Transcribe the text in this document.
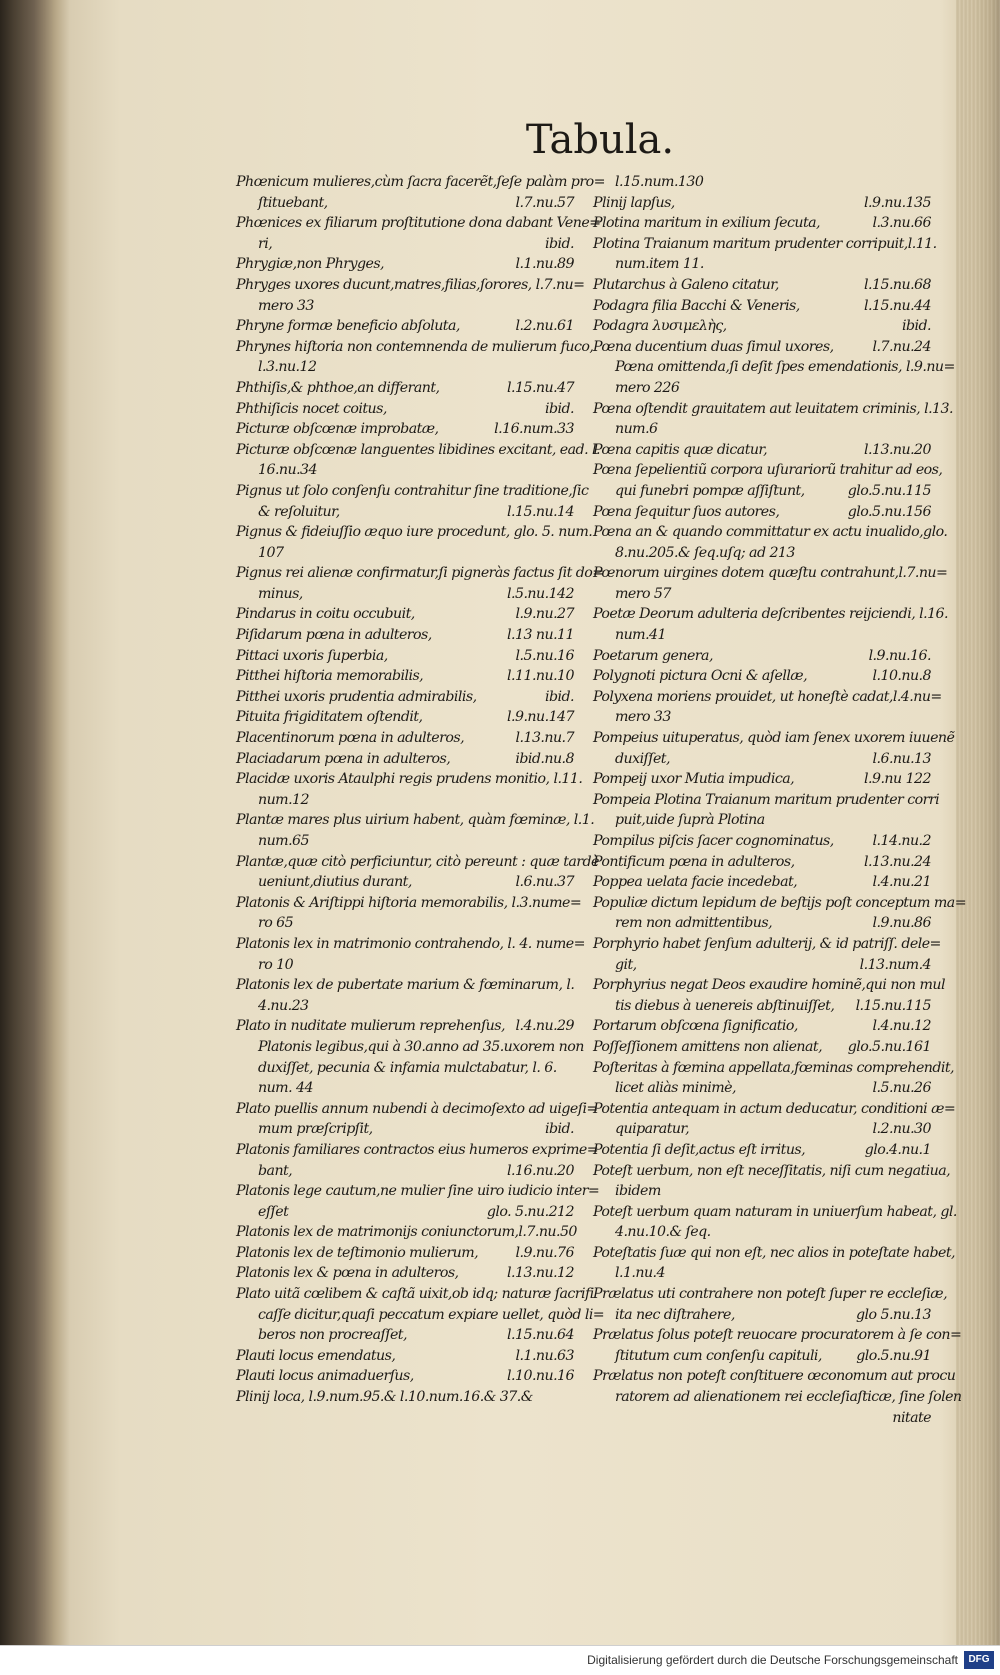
Tabula.
Phœnicum mulieres,cùm ſacra facerẽt,ſeſe palàm pro=
ſtituebant,	l.7.nu.57
Phœnices ex filiarum proſtitutione dona dabant Vene=
ri,	ibid.
Phrygiæ,non Phryges,	l.1.nu.89
Phryges uxores ducunt,matres,filias,ſorores, l.7.nu=
mero 33
Phryne formæ beneficio abſoluta,	l.2.nu.61
Phrynes hiſtoria non contemnenda de mulierum fuco,
l.3.nu.12
Phthiſis,& phthoe,an differant,	l.15.nu.47
Phthiſicis nocet coitus,	ibid.
Picturæ obſcœnæ improbatæ,	l.16.num.33
Picturæ obſcœnæ languentes libidines excitant, ead. l.
16.nu.34
Pignus ut ſolo conſenſu contrahitur ſine traditione,ſic
& reſoluitur,	l.15.nu.14
Pignus & fideiuſſio æquo iure procedunt, glo. 5. num.
107
Pignus rei alienæ confirmatur,ſi pigneràs factus ſit do=
minus,	l.5.nu.142
Pindarus in coitu occubuit,	l.9.nu.27
Piſidarum pœna in adulteros,	l.13 nu.11
Pittaci uxoris ſuperbia,	l.5.nu.16
Pitthei hiſtoria memorabilis,	l.11.nu.10
Pitthei uxoris prudentia admirabilis,	ibid.
Pituita frigiditatem oſtendit,	l.9.nu.147
Placentinorum pœna in adulteros,	l.13.nu.7
Placiadarum pœna in adulteros,	ibid.nu.8
Placidæ uxoris Ataulphi regis prudens monitio, l.11.
num.12
Plantæ mares plus uirium habent, quàm fœminæ, l.1.
num.65
Plantæ,quæ citò perficiuntur, citò pereunt : quæ tardè
ueniunt,diutius durant,	l.6.nu.37
Platonis & Ariſtippi hiſtoria memorabilis, l.3.nume=
ro 65
Platonis lex in matrimonio contrahendo, l. 4. nume=
ro 10
Platonis lex de pubertate marium & fœminarum, l.
4.nu.23
Plato in nuditate mulierum reprehenſus, l.4.nu.29
Platonis legibus,qui à 30.anno ad 35.uxorem non
duxiſſet, pecunia & infamia mulctabatur, l. 6.
num. 44
Plato puellis annum nubendi à decimoſexto ad uigeſi=
mum præſcripſit,	ibid.
Platonis familiares contractos eius humeros exprime=
bant,	l.16.nu.20
Platonis lege cautum,ne mulier ſine uiro iudicio inter=
eſſet	glo. 5.nu.212
Platonis lex de matrimonijs coniunctorum,l.7.nu.50
Platonis lex de teſtimonio mulierum,	l.9.nu.76
Platonis lex & pœna in adulteros,	l.13.nu.12
Plato uitã cœlibem & caſtã uixit,ob idq; naturæ ſacrifi
caſſe dicitur,quaſi peccatum expiare uellet, quòd li=
beros non procreaſſet,	l.15.nu.64
Plauti locus emendatus,	l.1.nu.63
Plauti locus animaduerſus,	l.10.nu.16
Plinij loca, l.9.num.95.& l.10.num.16.& 37.&
l.15.num.130
Plinij lapſus,	l.9.nu.135
Plotina maritum in exilium ſecuta,	l.3.nu.66
Plotina Traianum maritum prudenter corripuit,l.11.
num.item 11.
Plutarchus à Galeno citatur,	l.15.nu.68
Podagra filia Bacchi & Veneris,	l.15.nu.44
Podagra λυσιμελὴς,	ibid.
Pœna ducentium duas ſimul uxores,	l.7.nu.24
Pœna omittenda,ſi deſit ſpes emendationis, l.9.nu=
mero 226
Pœna oſtendit grauitatem aut leuitatem criminis, l.13.
num.6
Pœna capitis quæ dicatur,	l.13.nu.20
Pœna ſepelientiũ corpora uſurariorũ trahitur ad eos,
qui funebri pompæ aſſiſtunt,	glo.5.nu.115
Pœna ſequitur ſuos autores,	glo.5.nu.156
Pœna an & quando committatur ex actu inualido,glo.
8.nu.205.& ſeq.uſq; ad 213
Pœnorum uirgines dotem quæſtu contrahunt,l.7.nu=
mero 57
Poetæ Deorum adulteria deſcribentes reijciendi, l.16.
num.41
Poetarum genera,	l.9.nu.16.
Polygnoti pictura Ocni & aſellæ,	l.10.nu.8
Polyxena moriens prouidet, ut honeſtè cadat,l.4.nu=
mero 33
Pompeius uituperatus, quòd iam ſenex uxorem iuuenẽ
duxiſſet,	l.6.nu.13
Pompeij uxor Mutia impudica,	l.9.nu 122
Pompeia Plotina Traianum maritum prudenter corri
puit,uide ſuprà Plotina
Pompilus piſcis ſacer cognominatus,	l.14.nu.2
Pontificum pœna in adulteros,	l.13.nu.24
Poppea uelata facie incedebat,	l.4.nu.21
Populiæ dictum lepidum de beſtijs poſt conceptum ma=
rem non admittentibus,	l.9.nu.86
Porphyrio habet ſenſum adulterij, & id patriſſ. dele=
git,	l.13.num.4
Porphyrius negat Deos exaudire hominẽ,qui non mul
tis diebus à uenereis abſtinuiſſet, l.15.nu.115
Portarum obſcœna ſignificatio,	l.4.nu.12
Poſſeſſionem amittens non alienat, glo.5.nu.161
Poſteritas à fœmina appellata,fœminas comprehendit,
licet aliàs minimè,	l.5.nu.26
Potentia antequam in actum deducatur, conditioni æ=
quiparatur,	l.2.nu.30
Potentia ſi deſit,actus eſt irritus,	glo.4.nu.1
Poteſt uerbum, non eſt neceſſitatis, niſi cum negatiua,
ibidem
Poteſt uerbum quam naturam in uniuerſum habeat, gl.
4.nu.10.& ſeq.
Poteſtatis ſuæ qui non eſt, nec alios in poteſtate habet,
l.1.nu.4
Prælatus uti contrahere non poteſt ſuper re eccleſiæ,
ita nec diſtrahere,	glo 5.nu.13
Prælatus ſolus poteſt reuocare procuratorem à ſe con=
ſtitutum cum conſenſu capituli, glo.5.nu.91
Prælatus non poteſt conſtituere œconomum aut procu
ratorem ad alienationem rei eccleſiaſticæ, ſine ſolen
nitate
Digitalisierung gefördert durch die Deutsche Forschungsgemeinschaft	DFG
